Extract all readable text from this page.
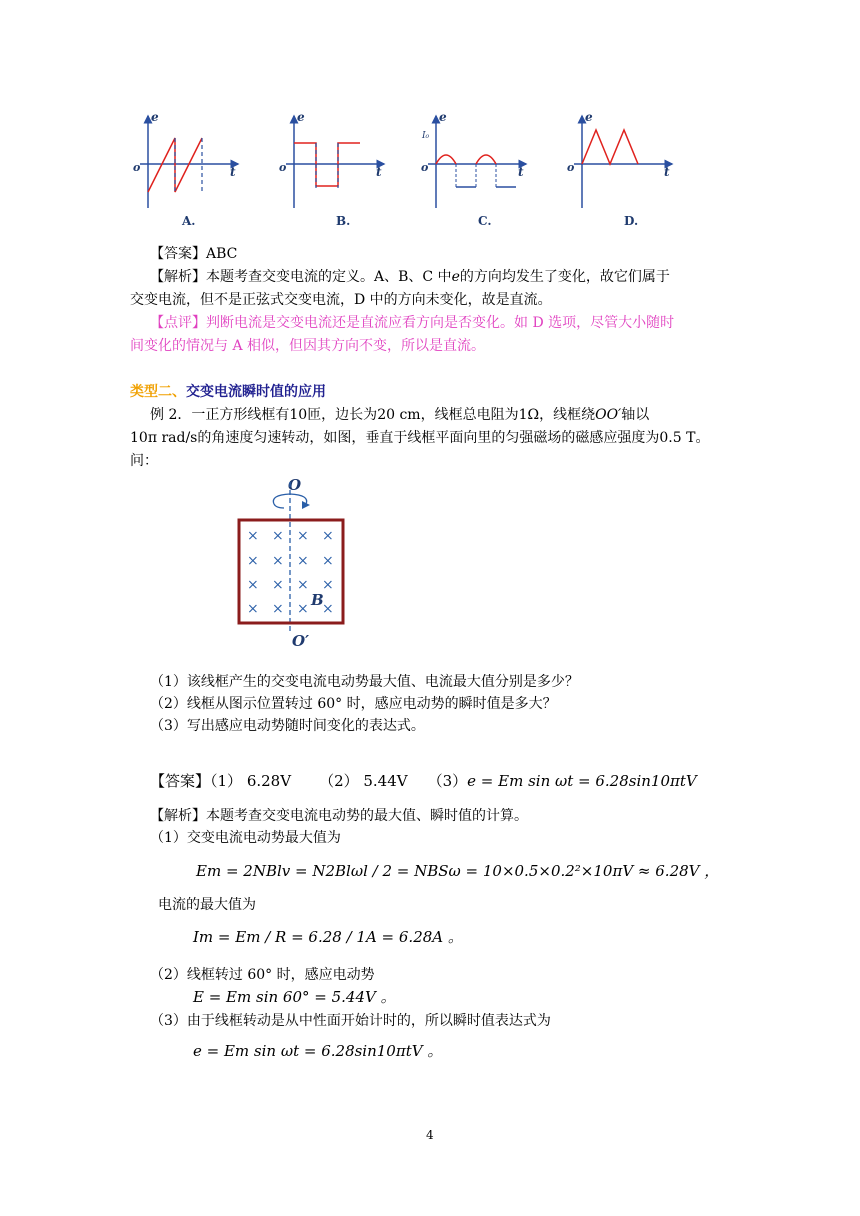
e
o	t
A.
e
o	t
B.
e
I₀
o	t
C.
e
o	t
D.
【答案】ABC
【解析】本题考查交变电流的定义。A、B、C 中e的方向均发生了变化，故它们属于
交变电流，但不是正弦式交变电流，D 中的方向未变化，故是直流。
【点评】判断电流是交变电流还是直流应看方向是否变化。如 D 选项，尽管大小随时
间变化的情况与 A 相似，但因其方向不变，所以是直流。
类型二、交变电流瞬时值的应用
例 2．一正方形线框有10匝，边长为20 cm，线框总电阻为1Ω，线框绕OO′轴以
10π rad/s的角速度匀速转动，如图，垂直于线框平面向里的匀强磁场的磁感应强度为0.5 T。
问：
O
× × × ×
× × × ×
× × × ×
× × × ×
B
O′
（1）该线框产生的交变电流电动势最大值、电流最大值分别是多少？
（2）线框从图示位置转过 60° 时，感应电动势的瞬时值是多大？
（3）写出感应电动势随时间变化的表达式。
【答案】（1） 6.28V （2） 5.44V （3）e = Em sin ωt = 6.28sin10πtV
【解析】本题考查交变电流电动势的最大值、瞬时值的计算。
（1）交变电流电动势最大值为
Em = 2NBlv = N2Blωl / 2 = NBSω = 10×0.5×0.2²×10πV ≈ 6.28V ，
电流的最大值为
Im = Em / R = 6.28 / 1A = 6.28A 。
（2）线框转过 60° 时，感应电动势
E = Em sin 60° = 5.44V 。
（3）由于线框转动是从中性面开始计时的，所以瞬时值表达式为
e = Em sin ωt = 6.28sin10πtV 。
4
